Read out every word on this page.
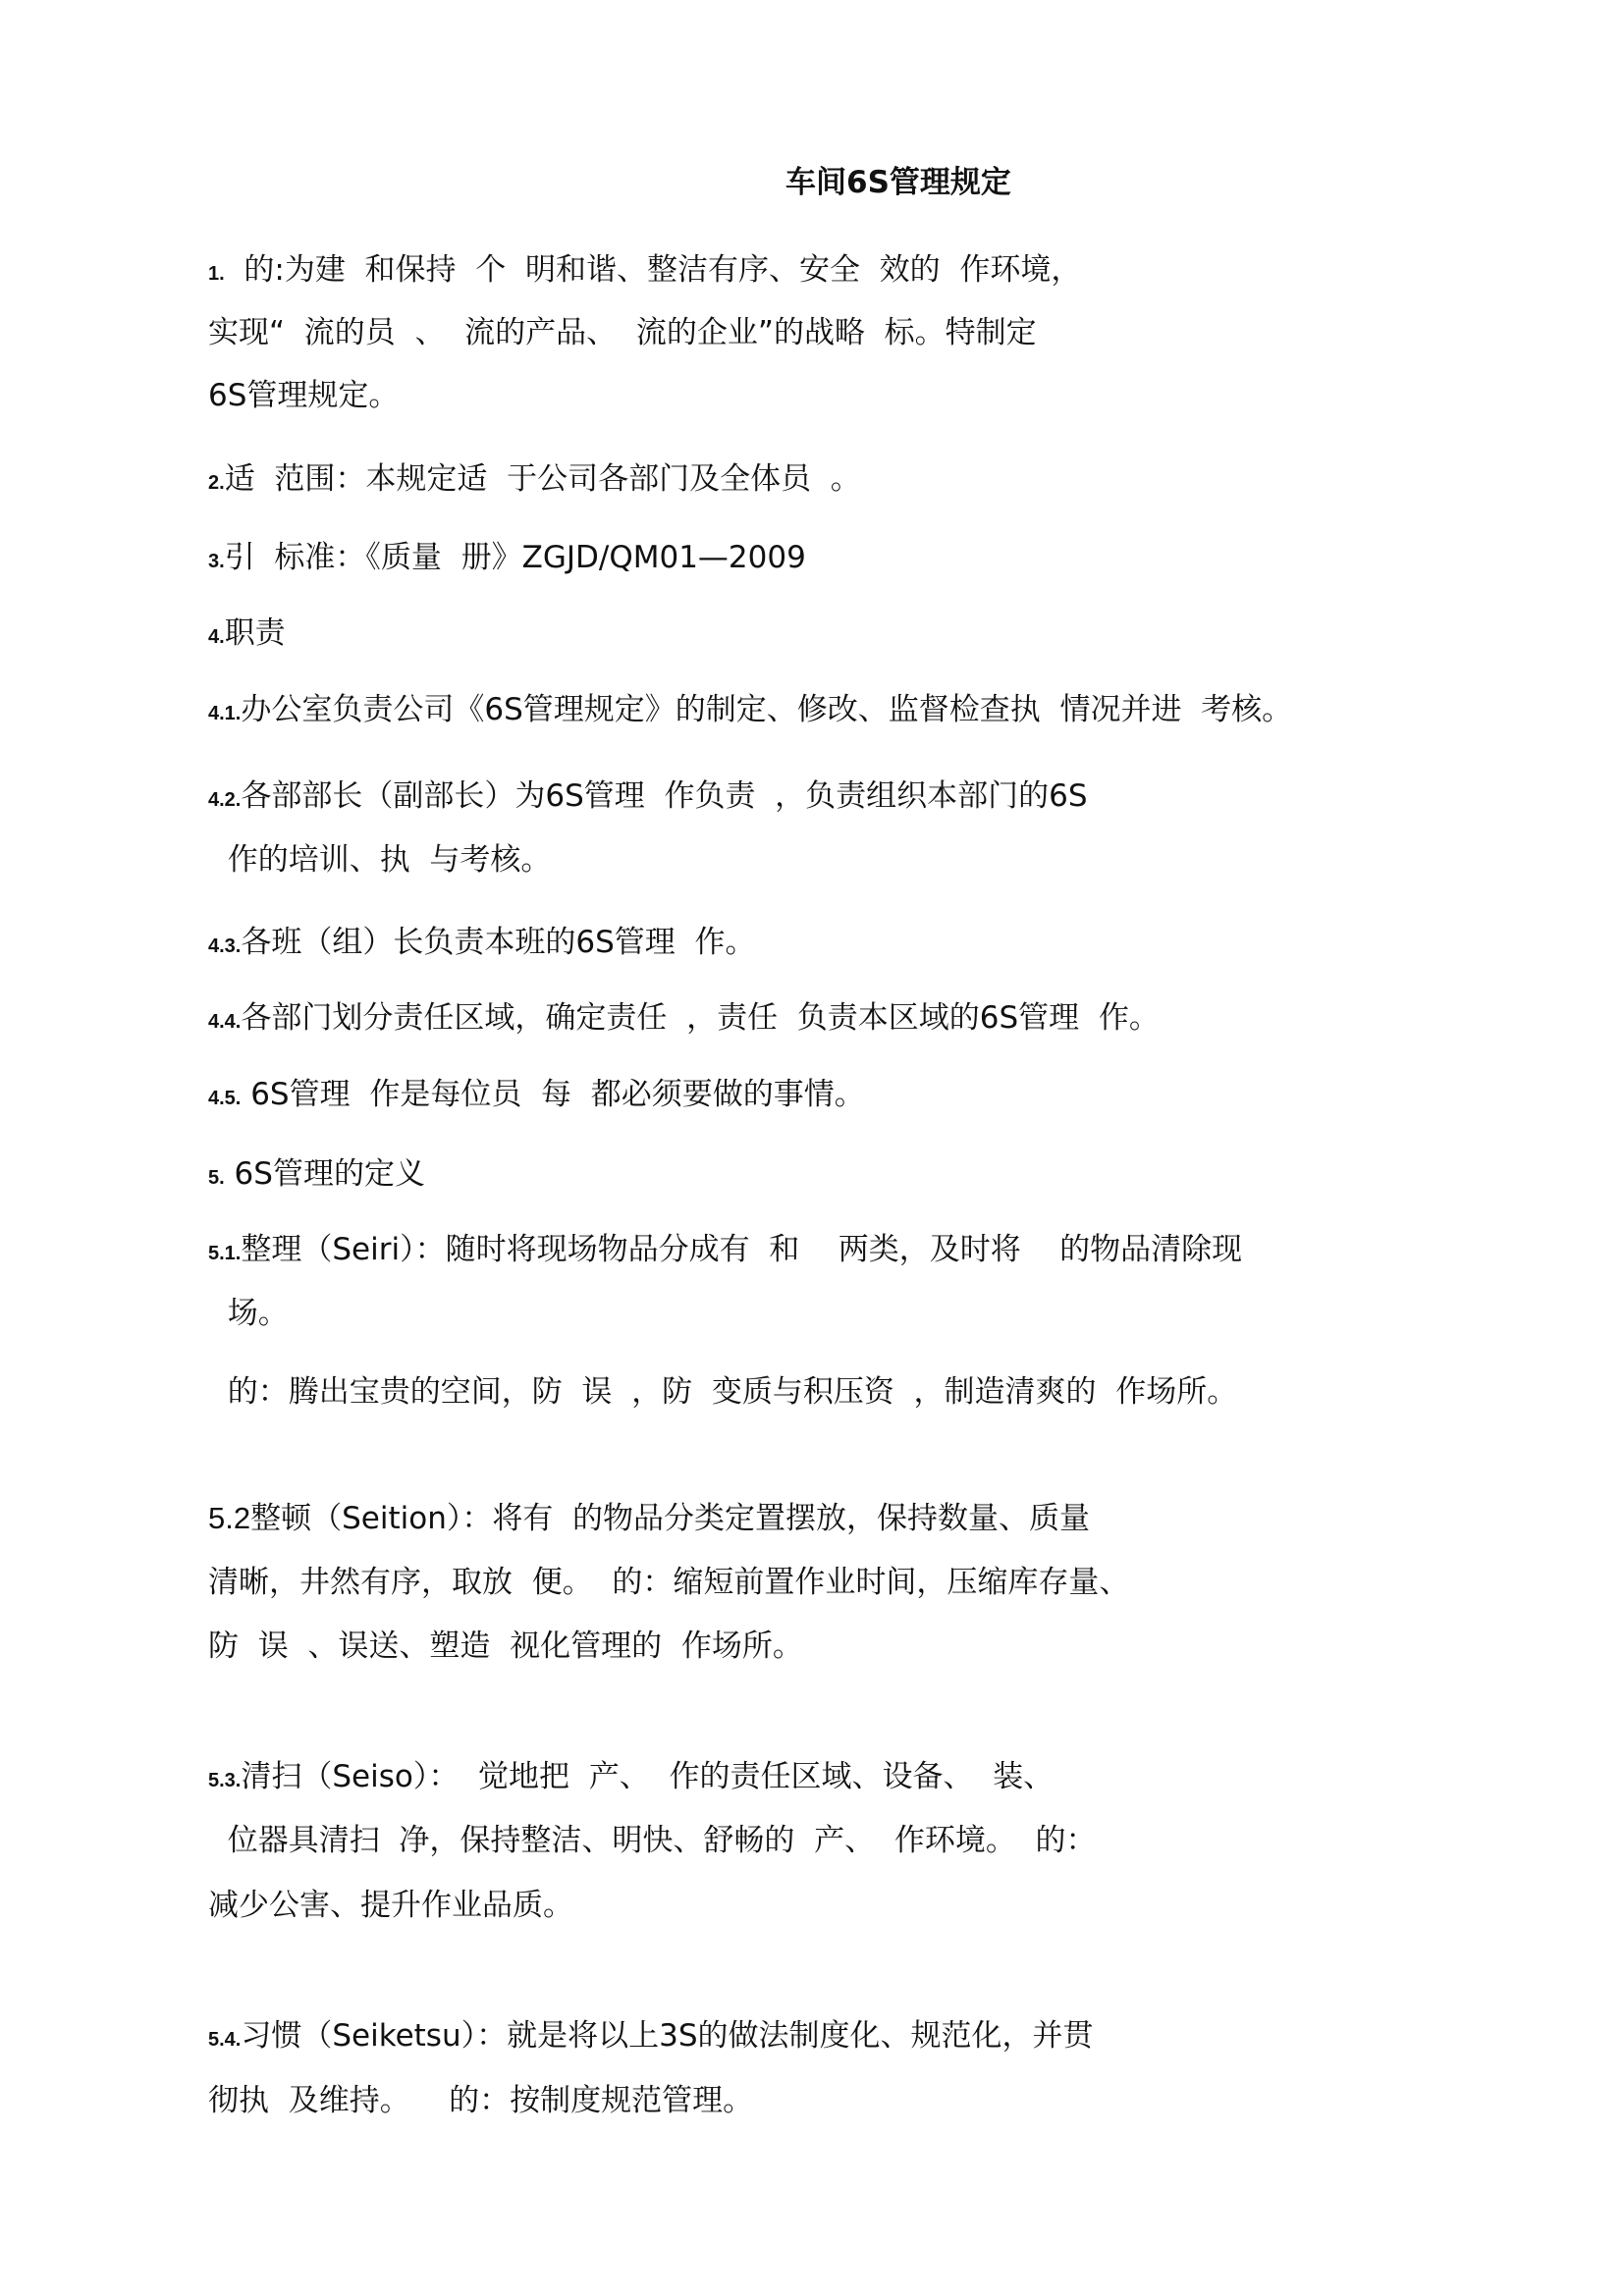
车间6S管理规定
1.  的:为建  和保持  个  明和谐、整洁有序、安全  效的  作环境，
实现“  流的员  、  流的产品、  流的企业”的战略  标。特制定
6S管理规定。
2.适  范围：本规定适  于公司各部门及全体员  。
3.引  标准：《质量  册》ZGJD/QM01—2009
4.职责
4.1.办公室负责公司《6S管理规定》的制定、修改、监督检查执  情况并进  考核。
4.2.各部部长（副部长）为6S管理  作负责  ，负责组织本部门的6S
作的培训、执  与考核。
4.3.各班（组）长负责本班的6S管理  作。
4.4.各部门划分责任区域，确定责任  ，责任  负责本区域的6S管理  作。
4.5. 6S管理  作是每位员  每  都必须要做的事情。
5. 6S管理的定义
5.1.整理（Seiri）：随时将现场物品分成有  和    两类，及时将    的物品清除现
场。
的：腾出宝贵的空间，防  误  ，防  变质与积压资  ，制造清爽的  作场所。
5.2整顿（Seition）：将有  的物品分类定置摆放，保持数量、质量
清晰，井然有序，取放  便。  的：缩短前置作业时间，压缩库存量、
防  误  、误送、塑造  视化管理的  作场所。
5.3.清扫（Seiso）：  觉地把  产、  作的责任区域、设备、  装、
位器具清扫  净，保持整洁、明快、舒畅的  产、  作环境。  的：
减少公害、提升作业品质。
5.4.习惯（Seiketsu）：就是将以上3S的做法制度化、规范化，并贯
彻执  及维持。    的：按制度规范管理。
